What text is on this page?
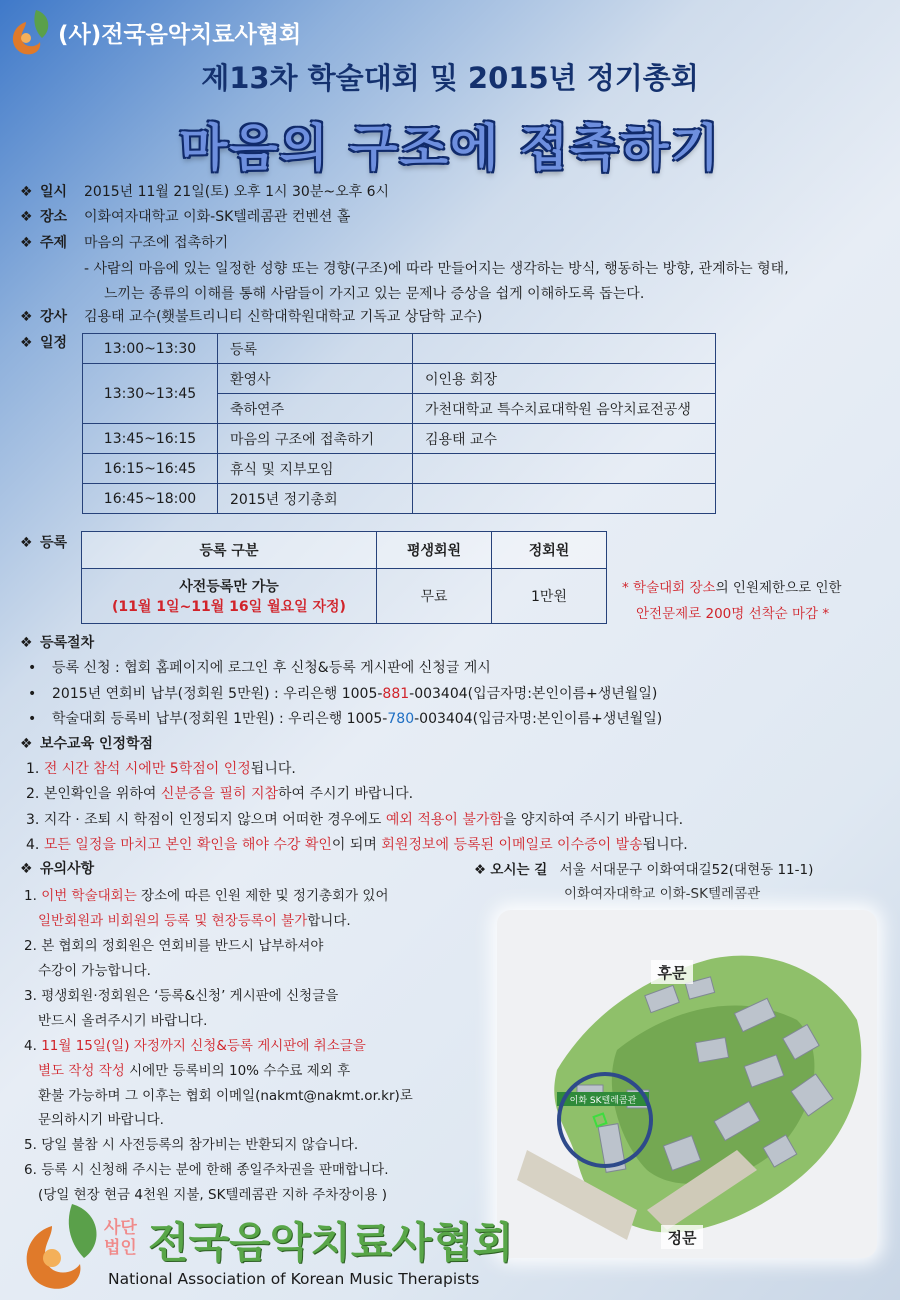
(사)전국음악치료사협회
제13차 학술대회 및 2015년 정기총회
마음의 구조에 접촉하기
❖ 일시 2015년 11월 21일(토) 오후 1시 30분~오후 6시
❖ 장소 이화여자대학교 이화-SK텔레콤관 컨벤션 홀
❖ 주제 마음의 구조에 접촉하기
- 사람의 마음에 있는 일정한 성향 또는 경향(구조)에 따라 만들어지는 생각하는 방식, 행동하는 방향, 관계하는 형태,
느끼는 종류의 이해를 통해 사람들이 가지고 있는 문제나 증상을 쉽게 이해하도록 돕는다.
❖ 강사 김용태 교수(횃불트리니티 신학대학원대학교 기독교 상담학 교수)
❖ 일정	13:00~13:30	등록	
13:30~13:45	환영사	이인용 회장
	축하연주	가천대학교 특수치료대학원 음악치료전공생
13:45~16:15	마음의 구조에 접촉하기	김용태 교수
16:15~16:45	휴식 및 지부모임	
16:45~18:00	2015년 정기총회	
❖ 등록	등록 구분	평생회원	정회원

사전등록만 가능
(11월 1일~11월 16일 월요일 자정)	무료	1만원
* 학술대회 장소의 인원제한으로 인한
안전문제로 200명 선착순 마감 *
❖ 등록절차
• 등록 신청 : 협회 홈페이지에 로그인 후 신청&등록 게시판에 신청글 게시
• 2015년 연회비 납부(정회원 5만원) : 우리은행 1005-881-003404(입금자명:본인이름+생년월일)
• 학술대회 등록비 납부(정회원 1만원) : 우리은행 1005-780-003404(입금자명:본인이름+생년월일)
❖ 보수교육 인정학점
1. 전 시간 참석 시에만 5학점이 인정됩니다.
2. 본인확인을 위하여 신분증을 필히 지참하여 주시기 바랍니다.
3. 지각 · 조퇴 시 학점이 인정되지 않으며 어떠한 경우에도 예외 적용이 불가함을 양지하여 주시기 바랍니다.
4. 모든 일정을 마치고 본인 확인을 해야 수강 확인이 되며 회원정보에 등록된 이메일로 이수증이 발송됩니다.
❖ 유의사항
1. 이번 학술대회는 장소에 따른 인원 제한 및 정기총회가 있어
일반회원과 비회원의 등록 및 현장등록이 불가합니다.
2. 본 협회의 정회원은 연회비를 반드시 납부하셔야
수강이 가능합니다.
3. 평생회원·정회원은 ‘등록&신청’ 게시판에 신청글을
반드시 올려주시기 바랍니다.
4. 11월 15일(일) 자정까지 신청&등록 게시판에 취소글을
별도 작성 작성 시에만 등록비의 10% 수수료 제외 후
환불 가능하며 그 이후는 협회 이메일(nakmt@nakmt.or.kr)로
문의하시기 바랍니다.
5. 당일 불참 시 사전등록의 참가비는 반환되지 않습니다.
6. 등록 시 신청해 주시는 분에 한해 종일주차권을 판매합니다.
(당일 현장 현금 4천원 지불, SK텔레콤관 지하 주차장이용 )
❖ 오시는 길 서울 서대문구 이화여대길52(대현동 11-1)
이화여자대학교 이화-SK텔레콤관
이화 SK텔레콤관
후문
정문
사단
법인 전국음악치료사협회
National Association of Korean Music Therapists
